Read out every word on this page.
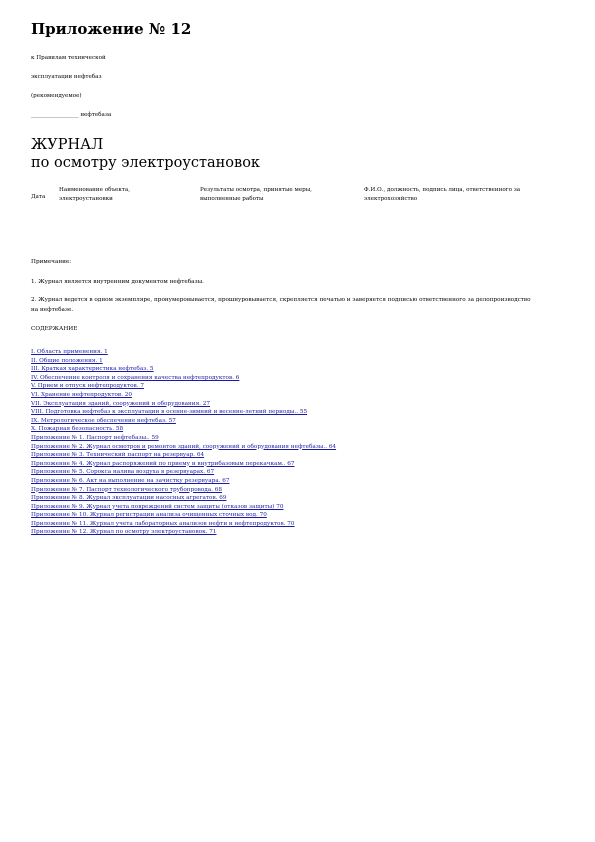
Приложение № 12
к Правилам технической
эксплуатации нефтебаз
(рекомендуемое)
_________________ нефтебаза
ЖУРНАЛ
по осмотру электроустановок
Дата
Наименование объекта, электроустановки
Результаты осмотра, принятые меры, выполненные работы
Ф.И.О., должность, подпись лица, ответственного за электрохозяйство
Примечание:
1. Журнал является внутренним документом нефтебазы.
2. Журнал ведется в одном экземпляре, пронумеровывается, прошнуровывается, скрепляется печатью и заверяется подписью ответственного за делопроизводство на нефтебазе.
СОДЕРЖАНИЕ
I. Область применения. 1
II. Общие положения. 1
III. Краткая характеристика нефтебаз. 5
IV. Обеспечение контроля и сохранения качества нефтепродуктов. 6
V. Прием и отпуск нефтепродуктов. 7
VI. Хранение нефтепродуктов. 20
VII. Эксплуатация зданий, сооружений и оборудования. 27
VIII. Подготовка нефтебаз к эксплуатации в осенне-зимний и весенне-летний периоды.. 55
IX. Метрологическое обеспечение нефтебаз. 57
X. Пожарная безопасность. 58
Приложение № 1. Паспорт нефтебазы.. 59
Приложение № 2. Журнал осмотров и ремонтов зданий, сооружений и оборудования нефтебазы.. 64
Приложение № 3. Технический паспорт на резервуар. 64
Приложение № 4. Журнал распоряжений по приему и внутрибазовым перекачкам.. 67
Приложение № 5. Сорокса налива воздуха в резервуарах. 67
Приложение № 6. Акт на выполнение на зачистку резервуара. 67
Приложение № 7. Паспорт технологического трубопровода. 68
Приложение № 8. Журнал эксплуатации насосных агрегатов. 69
Приложение № 9. Журнал учета повреждений систем защиты (отказов защиты) 70
Приложение № 10. Журнал регистрации анализа очищенных сточных вод. 70
Приложение № 11. Журнал учета лабораторных анализов нефти и нефтепродуктов. 70
Приложение № 12. Журнал по осмотру электроустановок. 71
